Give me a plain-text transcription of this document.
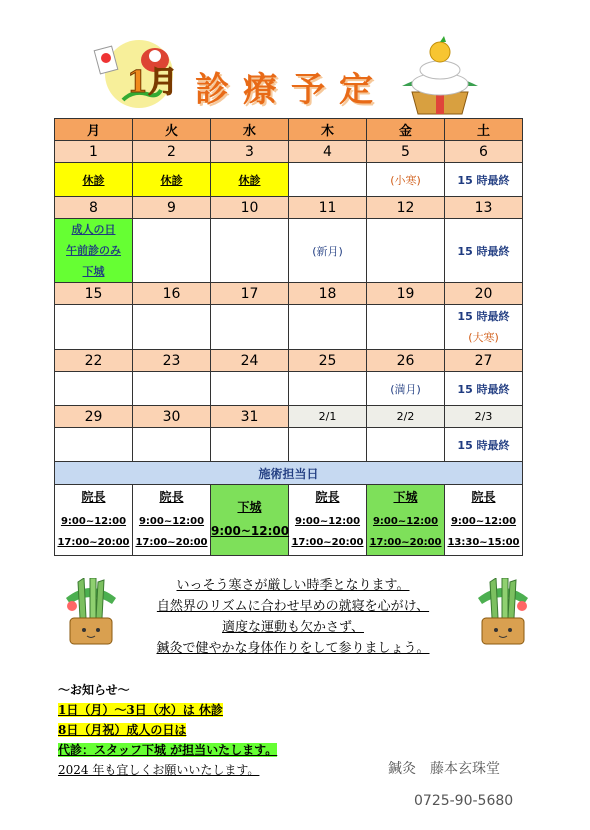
1月 診療予定
月	火	水	木	金	土
1	2	3	4	5	6
休診	休診	休診		(小寒)	15 時最終
8	9	10	11	12	13

成人の日
午前診のみ
下城			(新月)		15 時最終
15	16	17	18	19	20

					15 時最終
(大寒)

22	23	24	25	26	27
				(満月)	15 時最終
29	30	31	2/1	2/2	2/3
					15 時最終
施術担当日					

院長
9:00~12:00
17:00~20:00	院長
9:00~12:00
17:00~20:00	下城
9:00~12:00	院長
9:00~12:00
17:00~20:00	下城
9:00~12:00
17:00~20:00	院長
9:00~12:00
13:30~15:00
いっそう寒さが厳しい時季となります。
自然界のリズムに合わせ早めの就寝を心がけ、
適度な運動も欠かさず、
鍼灸で健やかな身体作りをして参りましょう。
～お知らせ～
1日（月）～3日（水）は 休診
8日（月祝）成人の日は
代診：スタッフ下城 が担当いたします。
2024 年も宜しくお願いいたします。	鍼灸　藤本玄珠堂
0725-90-5680
